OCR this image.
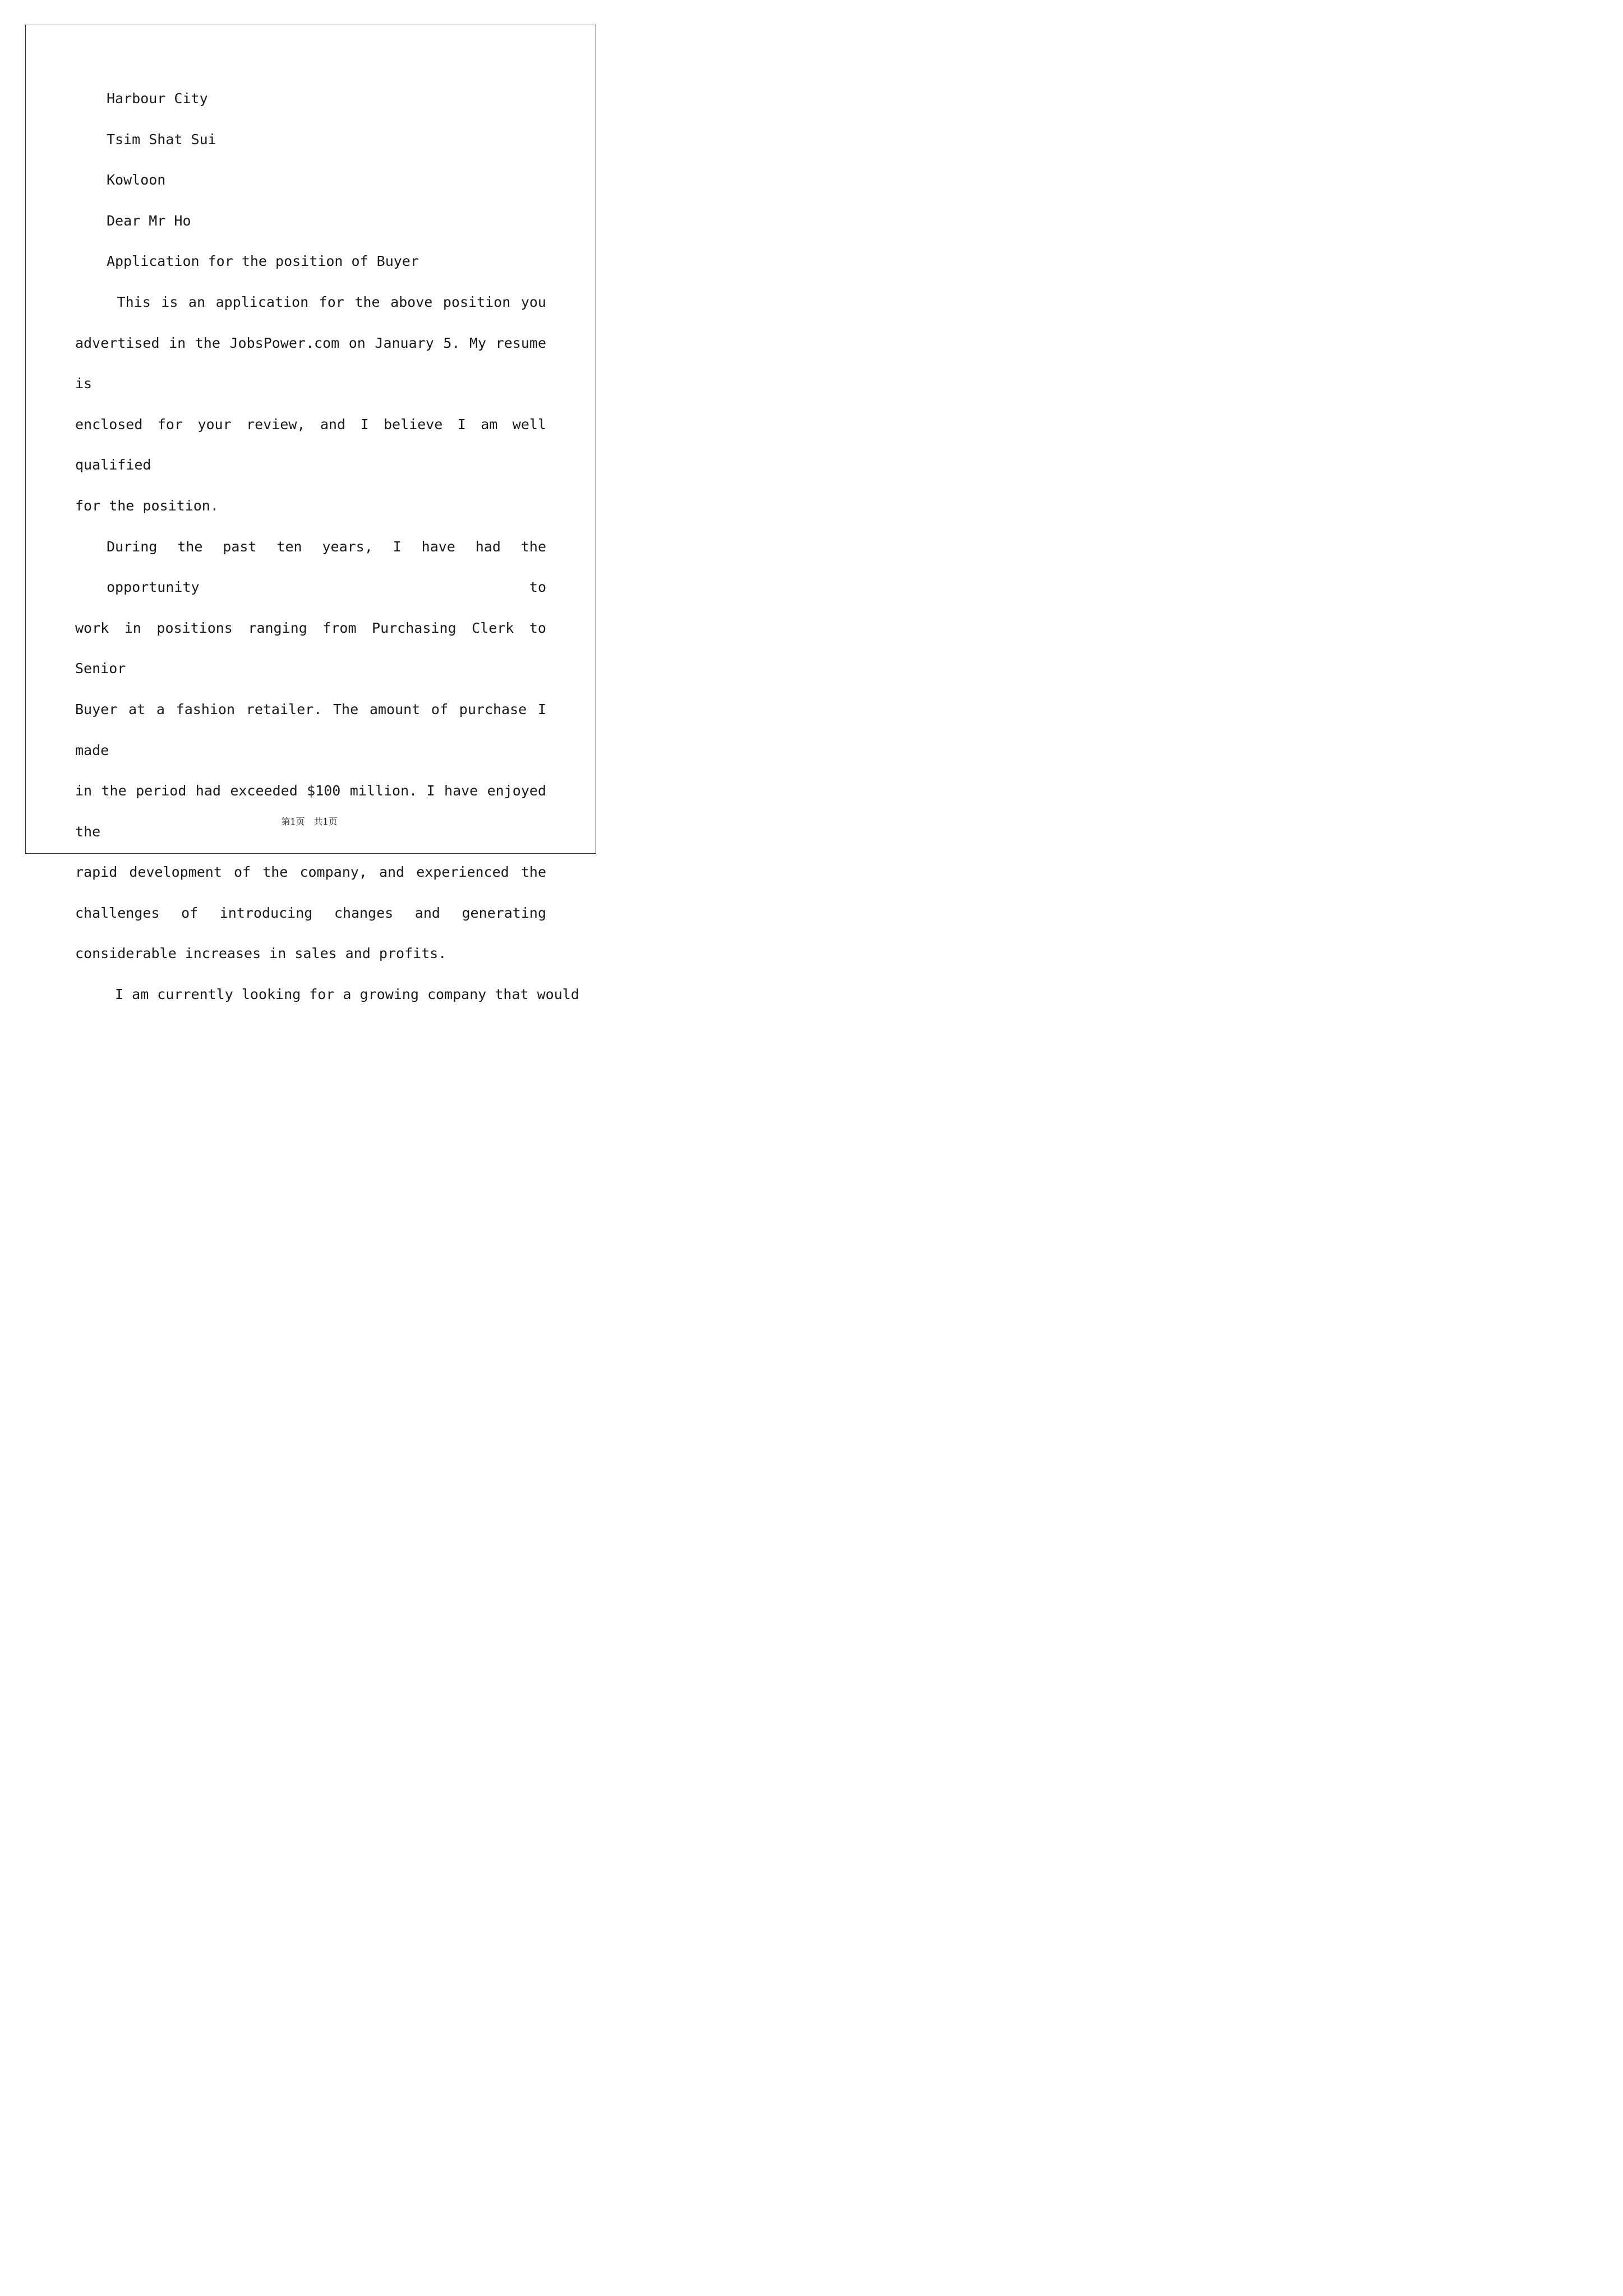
Harbour City

Tsim Shat Sui

Kowloon

Dear Mr Ho

Application for the position of Buyer

This is an application for the above position you

advertised in the JobsPower.com on January 5. My resume is

enclosed for your review, and I believe I am well qualified

for the position.

During the past ten years, I have had the opportunity to

work in positions ranging from Purchasing Clerk to Senior

Buyer at a fashion retailer. The amount of purchase I made

in the period had exceeded $100 million. I have enjoyed the

rapid development of the company, and experienced the

challenges of introducing changes and generating

considerable increases in sales and profits.

I am currently looking for a growing company that would

第1页　共1页
